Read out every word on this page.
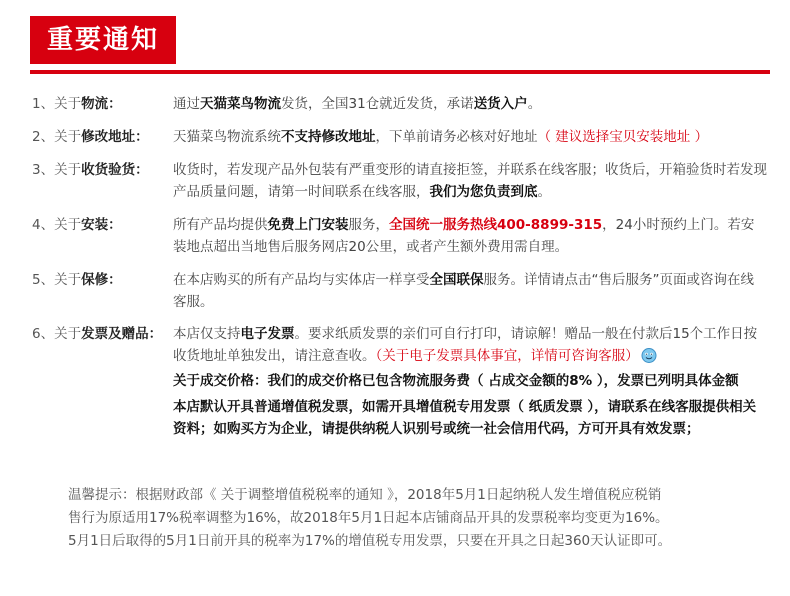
重要通知
1、关于物流：	通过天猫菜鸟物流发货，全国31仓就近发货，承诺送货入户。
2、关于修改地址：	天猫菜鸟物流系统不支持修改地址，下单前请务必核对好地址（ 建议选择宝贝安装地址 ）
3、关于收货验货：	收货时，若发现产品外包装有严重变形的请直接拒签，并联系在线客服；收货后，开箱验货时若发现产品质量问题，请第一时间联系在线客服，我们为您负责到底。
4、关于安装：	所有产品均提供免费上门安装服务，全国统一服务热线400-8899-315，24小时预约上门。若安装地点超出当地售后服务网店20公里，或者产生额外费用需自理。
5、关于保修：	在本店购买的所有产品均与实体店一样享受全国联保服务。详情请点击“售后服务”页面或咨询在线客服。
6、关于发票及赠品： 本店仅支持电子发票。要求纸质发票的亲们可自行打印，请谅解！赠品一般在付款后15个工作日按收货地址单独发出，请注意查收。（关于电子发票具体事宜，详情可咨询客服）

关于成交价格：我们的成交价格已包含物流服务费（ 占成交金额的8% ），发票已列明具体金额

本店默认开具普通增值税发票，如需开具增值税专用发票（ 纸质发票 ），请联系在线客服提供相关资料；如购买方为企业，请提供纳税人识别号或统一社会信用代码，方可开具有效发票；

温馨提示：根据财政部《 关于调整增值税税率的通知 》，2018年5月1日起纳税人发生增值税应税销
售行为原适用17%税率调整为16%，故2018年5月1日起本店铺商品开具的发票税率均变更为16%。
5月1日后取得的5月1日前开具的税率为17%的增值税专用发票，只要在开具之日起360天认证即可。
